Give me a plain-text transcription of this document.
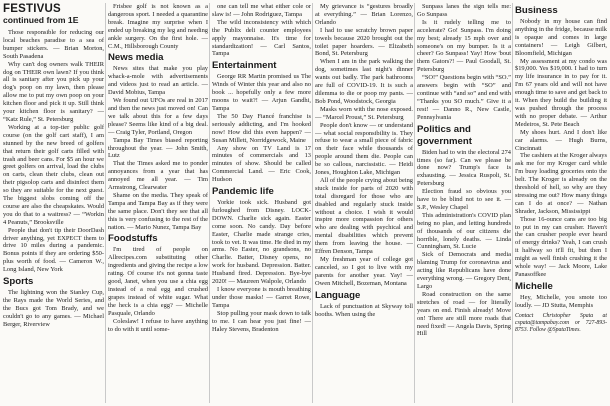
FESTIVUS
continued from 1E

Those responsible for reducing our local beaches paradise to a sea of bumper stickers. — Brian Morton, South Pasadena

Why can't dog owners walk THEIR dog on THEIR own lawn? If you think all is sanitary after you pick up your dog's poop on my lawn, then please allow me to put my own poop on your kitchen floor and pick it up. Still think your kitchen floor is sanitary? — “Katz Rule,” St. Petersburg

Working at a top-tier public golf course (on the golf cart staff), I am stunned by the new breed of golfers that return their golf carts filled with trash and beer cans. For $5 an hour we greet golfers on arrival, load the clubs on carts, clean their clubs, clean out their pigsolop carts and disinfect them so they are suitable for the next guest. The biggest slobs coming off the course are also the cheapskates. Would you do that to a waitress? — “Workin 4 Peanuts,” Brooksville

People that don't tip their DoorDash driver anything, yet EXPECT them to drive 10 miles during a pandemic. Bonus points if they are ordering $50-plus worth of food. — Cameron W., Long Island, New York

Sports

The lightning won the Stanley Cup, the Rays made the World Series, and the Bucs got Tom Brady, and we couldn't go to any games. — Michael Berger, Riverview

Frisbee golf is not known as a dangerous sport. I needed a quarantine break. Imagine my surprise when I ended up breaking my leg and needing ankle surgery. On the first hole. — C.M., Hillsborough County

News media

News sites that make you play whack-a-mole with advertisements and videos just to read an article. — David Mobius, Tampa

We found out UFOs are real in 2017 and then the news just moved on! Can we talk about this for a few days please? Seems like kind of a big deal. — Craig Tyler, Portland, Oregon

Tampa Bay Times biased reporting throughout the year. — John Smith, Lutz

That the Times asked me to ponder annoyances from a year that has annoyed me all year. — Tim Armstrong, Clearwater

Shame on the media. They speak of Tampa and Tampa Bay as if they were the same place. Don't they see that all this is very confusing to the rest of the nation. — Mario Nunez, Tampa Bay

Foodstuffs

I'm tired of people on Allrecipes.com substituting other ingredients and giving the recipe a low rating. Of course it's not gonna taste good, Janet, when you use a chia egg instead of a real egg and crushed grapes instead of white sugar. What the heck is a chia egg? — Michelle Pasquale, Orlando

Coleslaw! I refuse to have anything to do with it until some-

one can tell me what either cole or slaw is! — John Rodriguez, Tampa

The wild inconsistency with which the Publix deli counter employees apply mayonnaise. It's time for standardization! — Carl Santos, Tampa

Entertainment

George RR Martin promised us The Winds of Winter this year and also no book ... hopefully only a few more moons to wait?! — Arjun Gandhi, Tampa

The 50 Day Fiancé franchise is seriously addicting, and I'm hooked now! How did this even happen? — Susan Millett, Norridgewock, Maine

Any show on TV Land is 17 minutes of commercials and 13 minutes of show. Should be called Commercial Land. — Eric Cook, Hudson

Pandemic life

Yorkie took sick. Husband got furloughed from Disney. LOCK-DOWN. Charlie sick again. Easter come soon. No candy. Day before Easter, Charlie made strange cries, took to vet. It was time. He died in my arms. No Easter, no grandsons, no Charlie. Batter, Disney opens, no work for husband. Depression. Batter. Husband fired. Depression. Bye-bye 2020! — Maureen Walpole, Orlando

I know everyone is mouth breathing under those masks! — Garret Rowe, Tampa

Stop pulling your mask down to talk to me. I can hear you just fine! — Haley Stevens, Bradenton

My grievance is “gestures broadly at everything.” — Brian Lorenzo, Orlando

I had to use scratchy brown paper towels because 2020 brought out the toilet paper hoarders. — Elizabeth Bond, St. Petersburg

When I am in the park walking the dog, sometimes last night's dinner wants out badly. The park bathrooms are full of COVID-19. It is such a dilemma to die or poop my pants. — Bob Pond, Woodstock, Georgia

Masks worn with the nose exposed. — “Marcel Proust,” St. Petersburg

People don't know — or understand — what social responsibility is. They refuse to wear a small piece of fabric on their face while thousands of people around them die. People can be so callous, narcissistic. — Heidi Jones, Houghton Lake, Michigan

All of the people crying about being stuck inside for parts of 2020 with total disregard for those who are disabled and regularly stuck inside without a choice. I wish it would inspire more compassion for others who are dealing with psychical and mental disabilities which prevent them from leaving the house. — Effren Denson, Tampa

My freshman year of college got canceled, so I got to live with my parents for another year. Yay! — Owen Mitchell, Bozeman, Montana

Language

Lack of punctuation at Skyway toll booths. When using the

Sunpass lanes the sign tells me: Go Sunpass

Is it rudely telling me to accelerate? Go! Sunpass. I'm doing my best; already 15 mph over and someone's on my bumper. Is it a cheer? Go Sunpass! Yay! How 'bout them Gators?! — Paul Goodall, St. Petersburg

“SO!” Questions begin with “SO.” answers begin with “SO” and continue with “and so” and end with “Thanks you SO much.” Give it a rest! — Danno R., New Castle, Pennsylvania

Politics and government

Biden had to win the electoral 274 times (so far). Can we please be done now? Trump's face is exhausting. — Jessica Ruspoli, St. Petersburg

Election fraud so obvious you have to be blind not to see it. — S.P., Wesley Chapel

This administration's COVID plan being no plan, and letting hundreds of thousands of our citizens die horrible, lonely deaths. — Linda Cunningham, St. Lucie

Sick of Democrats and media blaming Trump for coronavirus and acting like Republicans have done everything wrong. — Gregory Dent, Largo

Road construction on the same stretches of road — for literally years on end. Finish already! Move on! There are still more roads that need fixed! — Angela Davis, Spring Hill

Business

Nobody in my house can find anything in the fridge, because milk is opaque and comes in large containers! — Leigh Gilbert, Bloomfield, Michigan

My assessment at my condo was $19,000. Yes $19,000. I had to turn my life insurance in to pay for it. I'm 67 years old and will not have enough time to save and get back to it. When they build the building it was pushed through the process with no proper debate. — Arthur Medeiros, St. Pete Beach

My shoes hurt. And I don't like car alarms. — Hugh Burns, Cincinnati

The cashiers at the Kroger always ask me for my Kroger card while I'm busy loading groceries onto the belt. The Kroger is already on the threshold of hell, so why are they stressing me out? How many things can I do at once? — Nathan Shrader, Jackson, Mississippi

Those 16-ounce cans are too big to put in my can crusher. Haven't the can crusher people ever heard of energy drinks? Yeah, I can crush it halfway so it'll fit, but then I might as well finish crushing it the whole way! — Jack Moore, Lake Panasoffkee

Michelle

Hey, Michelle, you smote too loudly. — JD Stutta, Memphis

Contact Christopher Spata at cspata@tampabay.com or 727-893-8753. Follow @SpataTimes.
